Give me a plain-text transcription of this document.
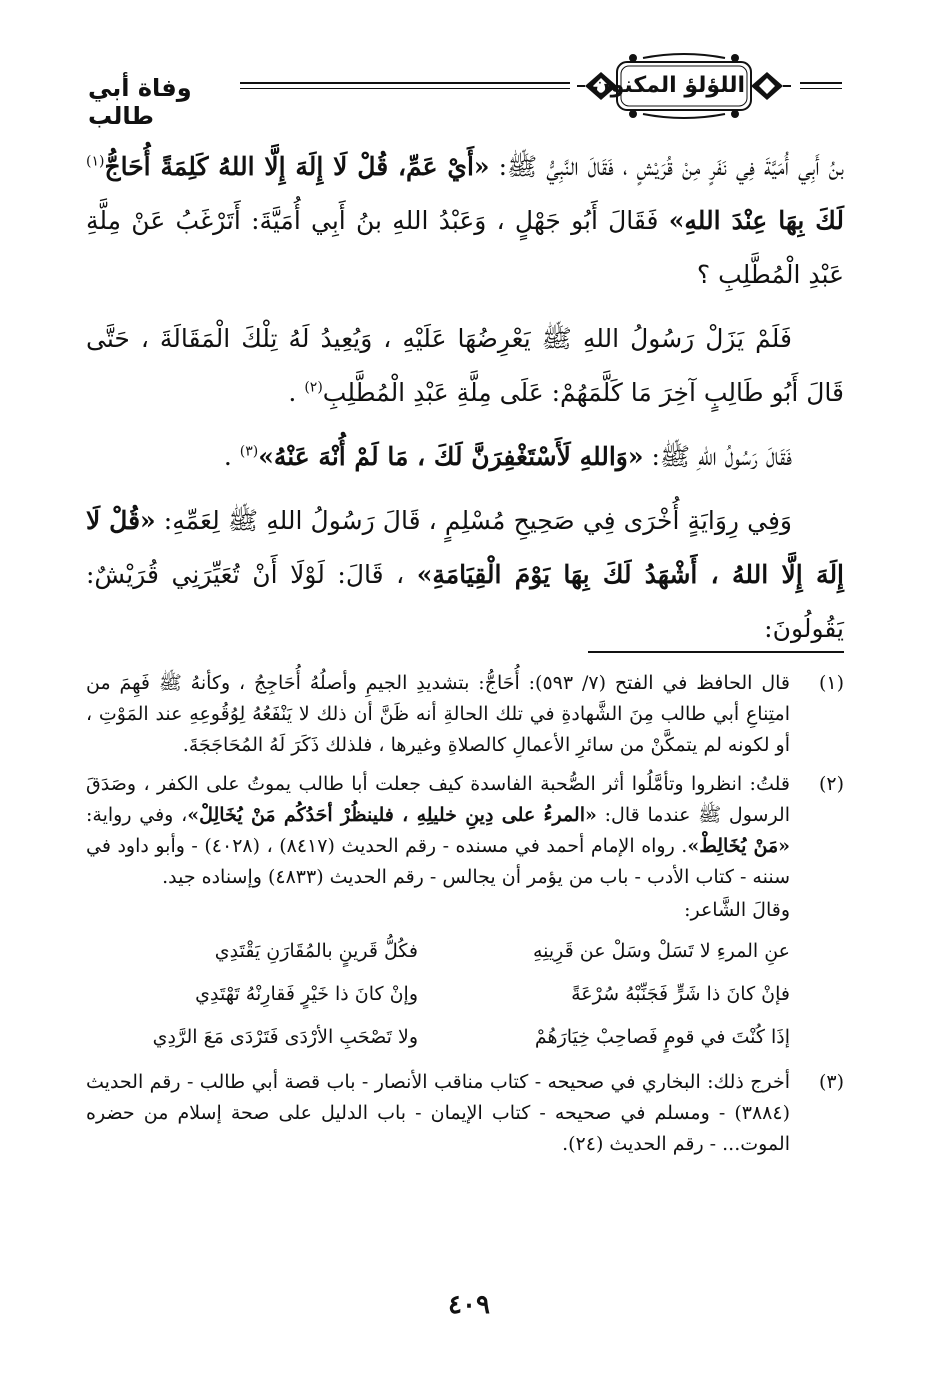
وفاة أبي طالب
اللؤلؤ المكنون

بنُ أَبِي أُمَيَّةَ فِي نَفَرٍ مِنْ قُرَيْشٍ ، فَقَالَ النَّبِيُّ ﷺ: «أَيْ عَمِّ، قُلْ لَا إِلَهَ إِلَّا اللهُ كَلِمَةً أُحَاجُّ$^{(١)}$ لَكَ بِهَا عِنْدَ اللهِ» فَقَالَ أَبُو جَهْلٍ ، وَعَبْدُ اللهِ بنُ أَبِي أُمَيَّةَ: أَتَرْغَبُ عَنْ مِلَّةِ عَبْدِ الْمُطَّلِبِ ؟

فَلَمْ يَزَلْ رَسُولُ اللهِ ﷺ يَعْرِضُهَا عَلَيْهِ ، وَيُعِيدُ لَهُ تِلْكَ الْمَقَالَةَ ، حَتَّى قَالَ أَبُو طَالِبٍ آخِرَ مَا كَلَّمَهُمْ: عَلَى مِلَّةِ عَبْدِ الْمُطَّلِبِ$^{(٢)}$ .

فَقَالَ رَسُولُ اللهِ ﷺ: «وَاللهِ لَأَسْتَغْفِرَنَّ لَكَ ، مَا لَمْ أُنْهَ عَنْهُ»$^{(٣)}$ .

وَفِي رِوَايَةٍ أُخْرَى فِي صَحِيحِ مُسْلِمٍ ، قَالَ رَسُولُ اللهِ ﷺ لِعَمِّهِ: «قُلْ لَا إِلَهَ إِلَّا اللهُ ، أَشْهَدُ لَكَ بِهَا يَوْمَ الْقِيَامَةِ» ، قَالَ: لَوْلَا أَنْ تُعَيِّرَنِي قُرَيْشٌ: يَقُولُونَ:

(١)
قال الحافظ في الفتح (٧/ ٥٩٣): أُحَاجُّ: بتشديدِ الجيمِ وأصلُهُ أُحَاجِجُ ، وكأنهُ ﷺ فَهِمَ من امتِناعِ أبي طالب مِنَ الشَّهادةِ في تلك الحالةِ أنه ظَنَّ أن ذلك لا يَنْفَعُهُ لِوُقُوعِهِ عند المَوْتِ ، أو لكونه لم يتمكَّنْ من سائرِ الأعمالِ كالصلاةِ وغيرها ، فلذلك ذَكَرَ لَهُ المُحَاجَجَةَ.
(٢)
قلتُ: انظروا وتأمَّلُوا أثر الصُّحبة الفاسدة كيف جعلت أبا طالب يموتُ على الكفر ، وصَدَقَ الرسول ﷺ عندما قال: «المرءُ على دِينِ خليلِهِ ، فلينظُرْ أحَدُكُم مَنْ يُخَالِلْ»، وفي رواية: «مَنْ يُخَالِطْ». رواه الإمام أحمد في مسنده - رقم الحديث (٨٤١٧) ، (٤٠٢٨) - وأبو داود في سننه - كتاب الأدب - باب من يؤمر أن يجالس - رقم الحديث (٤٨٣٣) وإسناده جيد.
وقالَ الشَّاعر:
عنِ المرءِ لا تَسَلْ وسَلْ عن قَرِينِهِ
فكُلُّ قَرينٍ بالمُقَارَنِ يَقْتَدِي
فإنْ كانَ ذا شَرٍّ فَجَنِّبْهُ سُرْعَةً
وإنْ كانَ ذا خَيْرٍ فَقارِنْهُ تَهْتَدِي
إذَا كُنْتَ في قومٍ فَصاحِبْ خِيَارَهُمْ
ولا تَصْحَبِ الأرْدَى فَتَرْدَى مَعَ الرَّدِي
(٣)
أخرج ذلك: البخاري في صحيحه - كتاب مناقب الأنصار - باب قصة أبي طالب - رقم الحديث (٣٨٨٤) - ومسلم في صحيحه - كتاب الإيمان - باب الدليل على صحة إسلام من حضره الموت... - رقم الحديث (٢٤).
٤٠٩
